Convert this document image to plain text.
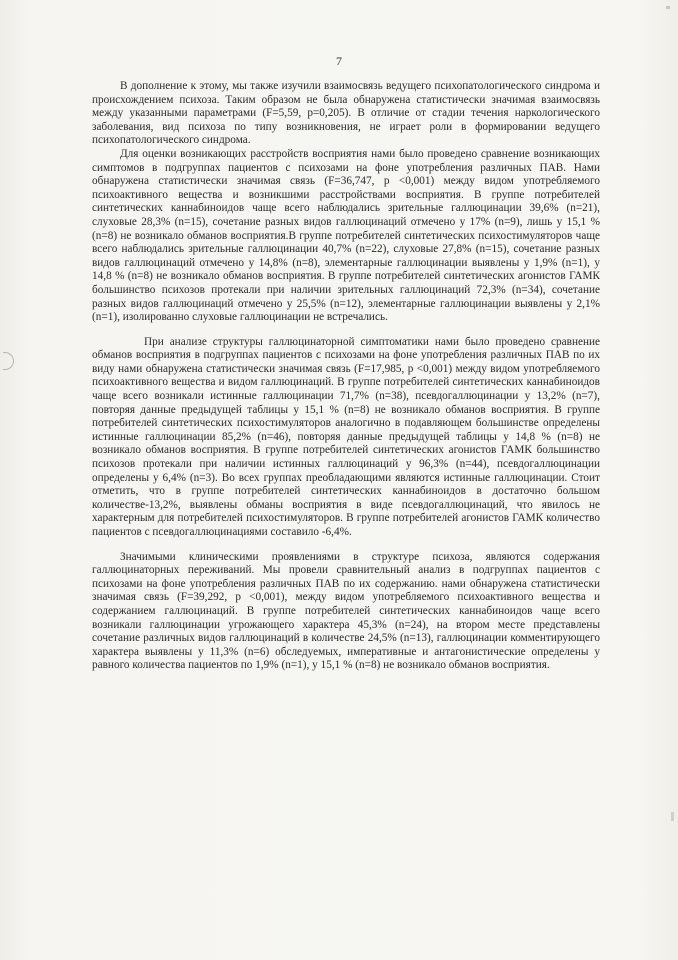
7

В дополнение к этому, мы также изучили взаимосвязь ведущего психопатологического синдрома и происхождением психоза. Таким образом не была обнаружена статистически значимая взаимосвязь между указанными параметрами (F=5,59, p=0,205). В отличие от стадии течения наркологического заболевания, вид психоза по типу возникновения, не играет роли в формировании ведущего психопатологического синдрома.

Для оценки возникающих расстройств восприятия нами было проведено сравнение возникающих симптомов в подгруппах пациентов с психозами на фоне употребления различных ПАВ. Нами обнаружена статистически значимая связь (F=36,747, p <0,001) между видом употребляемого психоактивного вещества и возникшими расстройствами восприятия. В группе потребителей синтетических каннабиноидов чаще всего наблюдались зрительные галлюцинации 39,6% (n=21), слуховые 28,3% (n=15), сочетание разных видов галлюцинаций отмечено у 17% (n=9), лишь у 15,1 % (n=8) не возникало обманов восприятия.В группе потребителей синтетических психостимуляторов чаще всего наблюдались зрительные галлюцинации 40,7% (n=22), слуховые 27,8% (n=15), сочетание разных видов галлюцинаций отмечено у 14,8% (n=8), элементарные галлюцинации выявлены у 1,9% (n=1), у 14,8 % (n=8) не возникало обманов восприятия. В группе потребителей синтетических агонистов ГАМК большинство психозов протекали при наличии зрительных галлюцинаций 72,3% (n=34), сочетание разных видов галлюцинаций отмечено у 25,5% (n=12), элементарные галлюцинации выявлены у 2,1% (n=1), изолированно слуховые галлюцинации не встречались.

При анализе структуры галлюцинаторной симптоматики нами было проведено сравнение обманов восприятия в подгруппах пациентов с психозами на фоне употребления различных ПАВ по их виду нами обнаружена статистически значимая связь (F=17,985, p <0,001) между видом употребляемого психоактивного вещества и видом галлюцинаций. В группе потребителей синтетических каннабиноидов чаще всего возникали истинные галлюцинации 71,7% (n=38), псевдогаллюцинации у 13,2% (n=7), повторяя данные предыдущей таблицы у 15,1 % (n=8) не возникало обманов восприятия. В группе потребителей синтетических психостимуляторов аналогично в подавляющем большинстве определены истинные галлюцинации 85,2% (n=46), повторяя данные предыдущей таблицы у 14,8 % (n=8) не возникало обманов восприятия. В группе потребителей синтетических агонистов ГАМК большинство психозов протекали при наличии истинных галлюцинаций у 96,3% (n=44), псевдогаллюцинации определены у 6,4% (n=3). Во всех группах преобладающими являются истинные галлюцинации. Стоит отметить, что в группе потребителей синтетических каннабиноидов в достаточно большом количестве-13,2%, выявлены обманы восприятия в виде псевдогаллюцинаций, что явилось не характерным для потребителей психостимуляторов. В группе потребителей агонистов ГАМК количество пациентов с псевдогаллюцинациями составило -6,4%.

Значимыми клиническими проявлениями в структуре психоза, являются содержания галлюцинаторных переживаний. Мы провели сравнительный анализ в подгруппах пациентов с психозами на фоне употребления различных ПАВ по их содержанию. нами обнаружена статистически значимая связь (F=39,292, p <0,001), между видом употребляемого психоактивного вещества и содержанием галлюцинаций. В группе потребителей синтетических каннабиноидов чаще всего возникали галлюцинации угрожающего характера 45,3% (n=24), на втором месте представлены сочетание различных видов галлюцинаций в количестве 24,5% (n=13), галлюцинации комментирующего характера выявлены у 11,3% (n=6) обследуемых, императивные и антагонистические определены у равного количества пациентов по 1,9% (n=1), у 15,1 % (n=8) не возникало обманов восприятия.
